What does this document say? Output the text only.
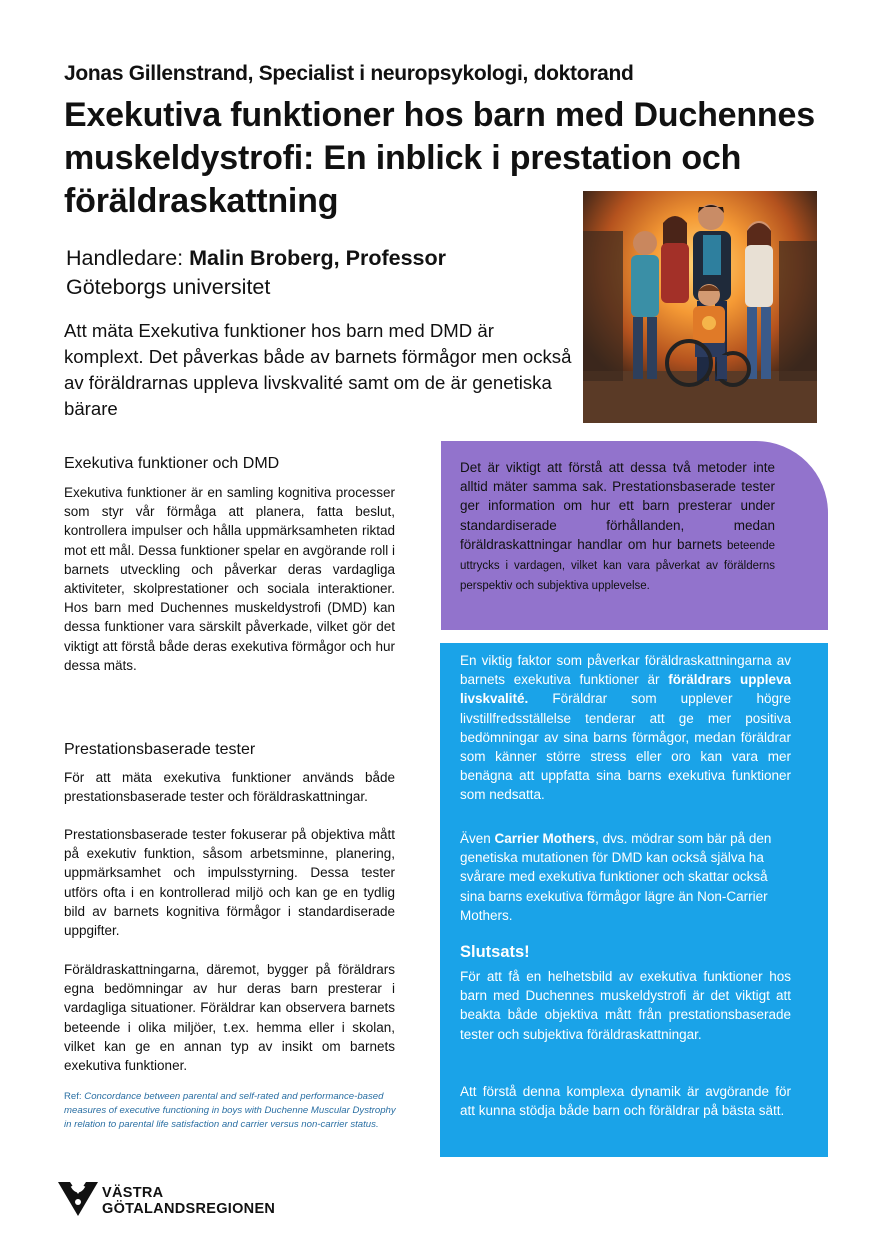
Jonas Gillenstrand, Specialist i neuropsykologi, doktorand
Exekutiva funktioner hos barn med Duchennes
muskeldystrofi: En inblick i prestation och
föräldraskattning
Handledare: Malin Broberg, Professor
Göteborgs universitet
Att mäta Exekutiva funktioner hos barn med DMD är komplext. Det påverkas både av barnets förmågor men också av föräldrarnas uppleva livskvalité samt om de är genetiska bärare
Exekutiva funktioner och DMD
Exekutiva funktioner är en samling kognitiva processer som styr vår förmåga att planera, fatta beslut, kontrollera impulser och hålla uppmärksamheten riktad mot ett mål. Dessa funktioner spelar en avgörande roll i barnets utveckling och påverkar deras vardagliga aktiviteter, skolprestationer och sociala interaktioner. Hos barn med Duchennes muskeldystrofi (DMD) kan dessa funktioner vara särskilt påverkade, vilket gör det viktigt att förstå både deras exekutiva förmågor och hur dessa mäts.
Prestationsbaserade tester
För att mäta exekutiva funktioner används både prestationsbaserade tester och föräldraskattningar.
Prestationsbaserade tester fokuserar på objektiva mått på exekutiv funktion, såsom arbetsminne, planering, uppmärksamhet och impulsstyrning. Dessa tester utförs ofta i en kontrollerad miljö och kan ge en tydlig bild av barnets kognitiva förmågor i standardiserade uppgifter.
Föräldraskattningarna, däremot, bygger på föräldrars egna bedömningar av hur deras barn presterar i vardagliga situationer. Föräldrar kan observera barnets beteende i olika miljöer, t.ex. hemma eller i skolan, vilket kan ge en annan typ av insikt om barnets exekutiva funktioner.
Ref: Concordance between parental and self-rated and performance-based measures of executive functioning in boys with Duchenne Muscular Dystrophy in relation to parental life satisfaction and carrier versus non-carrier status.
Det är viktigt att förstå att dessa två metoder inte alltid mäter samma sak. Prestationsbaserade tester ger information om hur ett barn presterar under standardiserade förhållanden, medan föräldraskattningar handlar om hur barnets beteende uttrycks i vardagen, vilket kan vara påverkat av förälderns perspektiv och subjektiva upplevelse.
En viktig faktor som påverkar föräldraskattningarna av barnets exekutiva funktioner är föräldrars uppleva livskvalité. Föräldrar som upplever högre livstillfredsställelse tenderar att ge mer positiva bedömningar av sina barns förmågor, medan föräldrar som känner större stress eller oro kan vara mer benägna att uppfatta sina barns exekutiva funktioner som nedsatta.
Även Carrier Mothers, dvs. mödrar som bär på den genetiska mutationen för DMD kan också själva ha svårare med exekutiva funktioner och skattar också sina barns exekutiva förmågor lägre än Non-Carrier Mothers.
Slutsats!
För att få en helhetsbild av exekutiva funktioner hos barn med Duchennes muskeldystrofi är det viktigt att beakta både objektiva mått från prestationsbaserade tester och subjektiva föräldraskattningar.
Att förstå denna komplexa dynamik är avgörande för att kunna stödja både barn och föräldrar på bästa sätt.
VÄSTRA
GÖTALANDSREGIONEN
